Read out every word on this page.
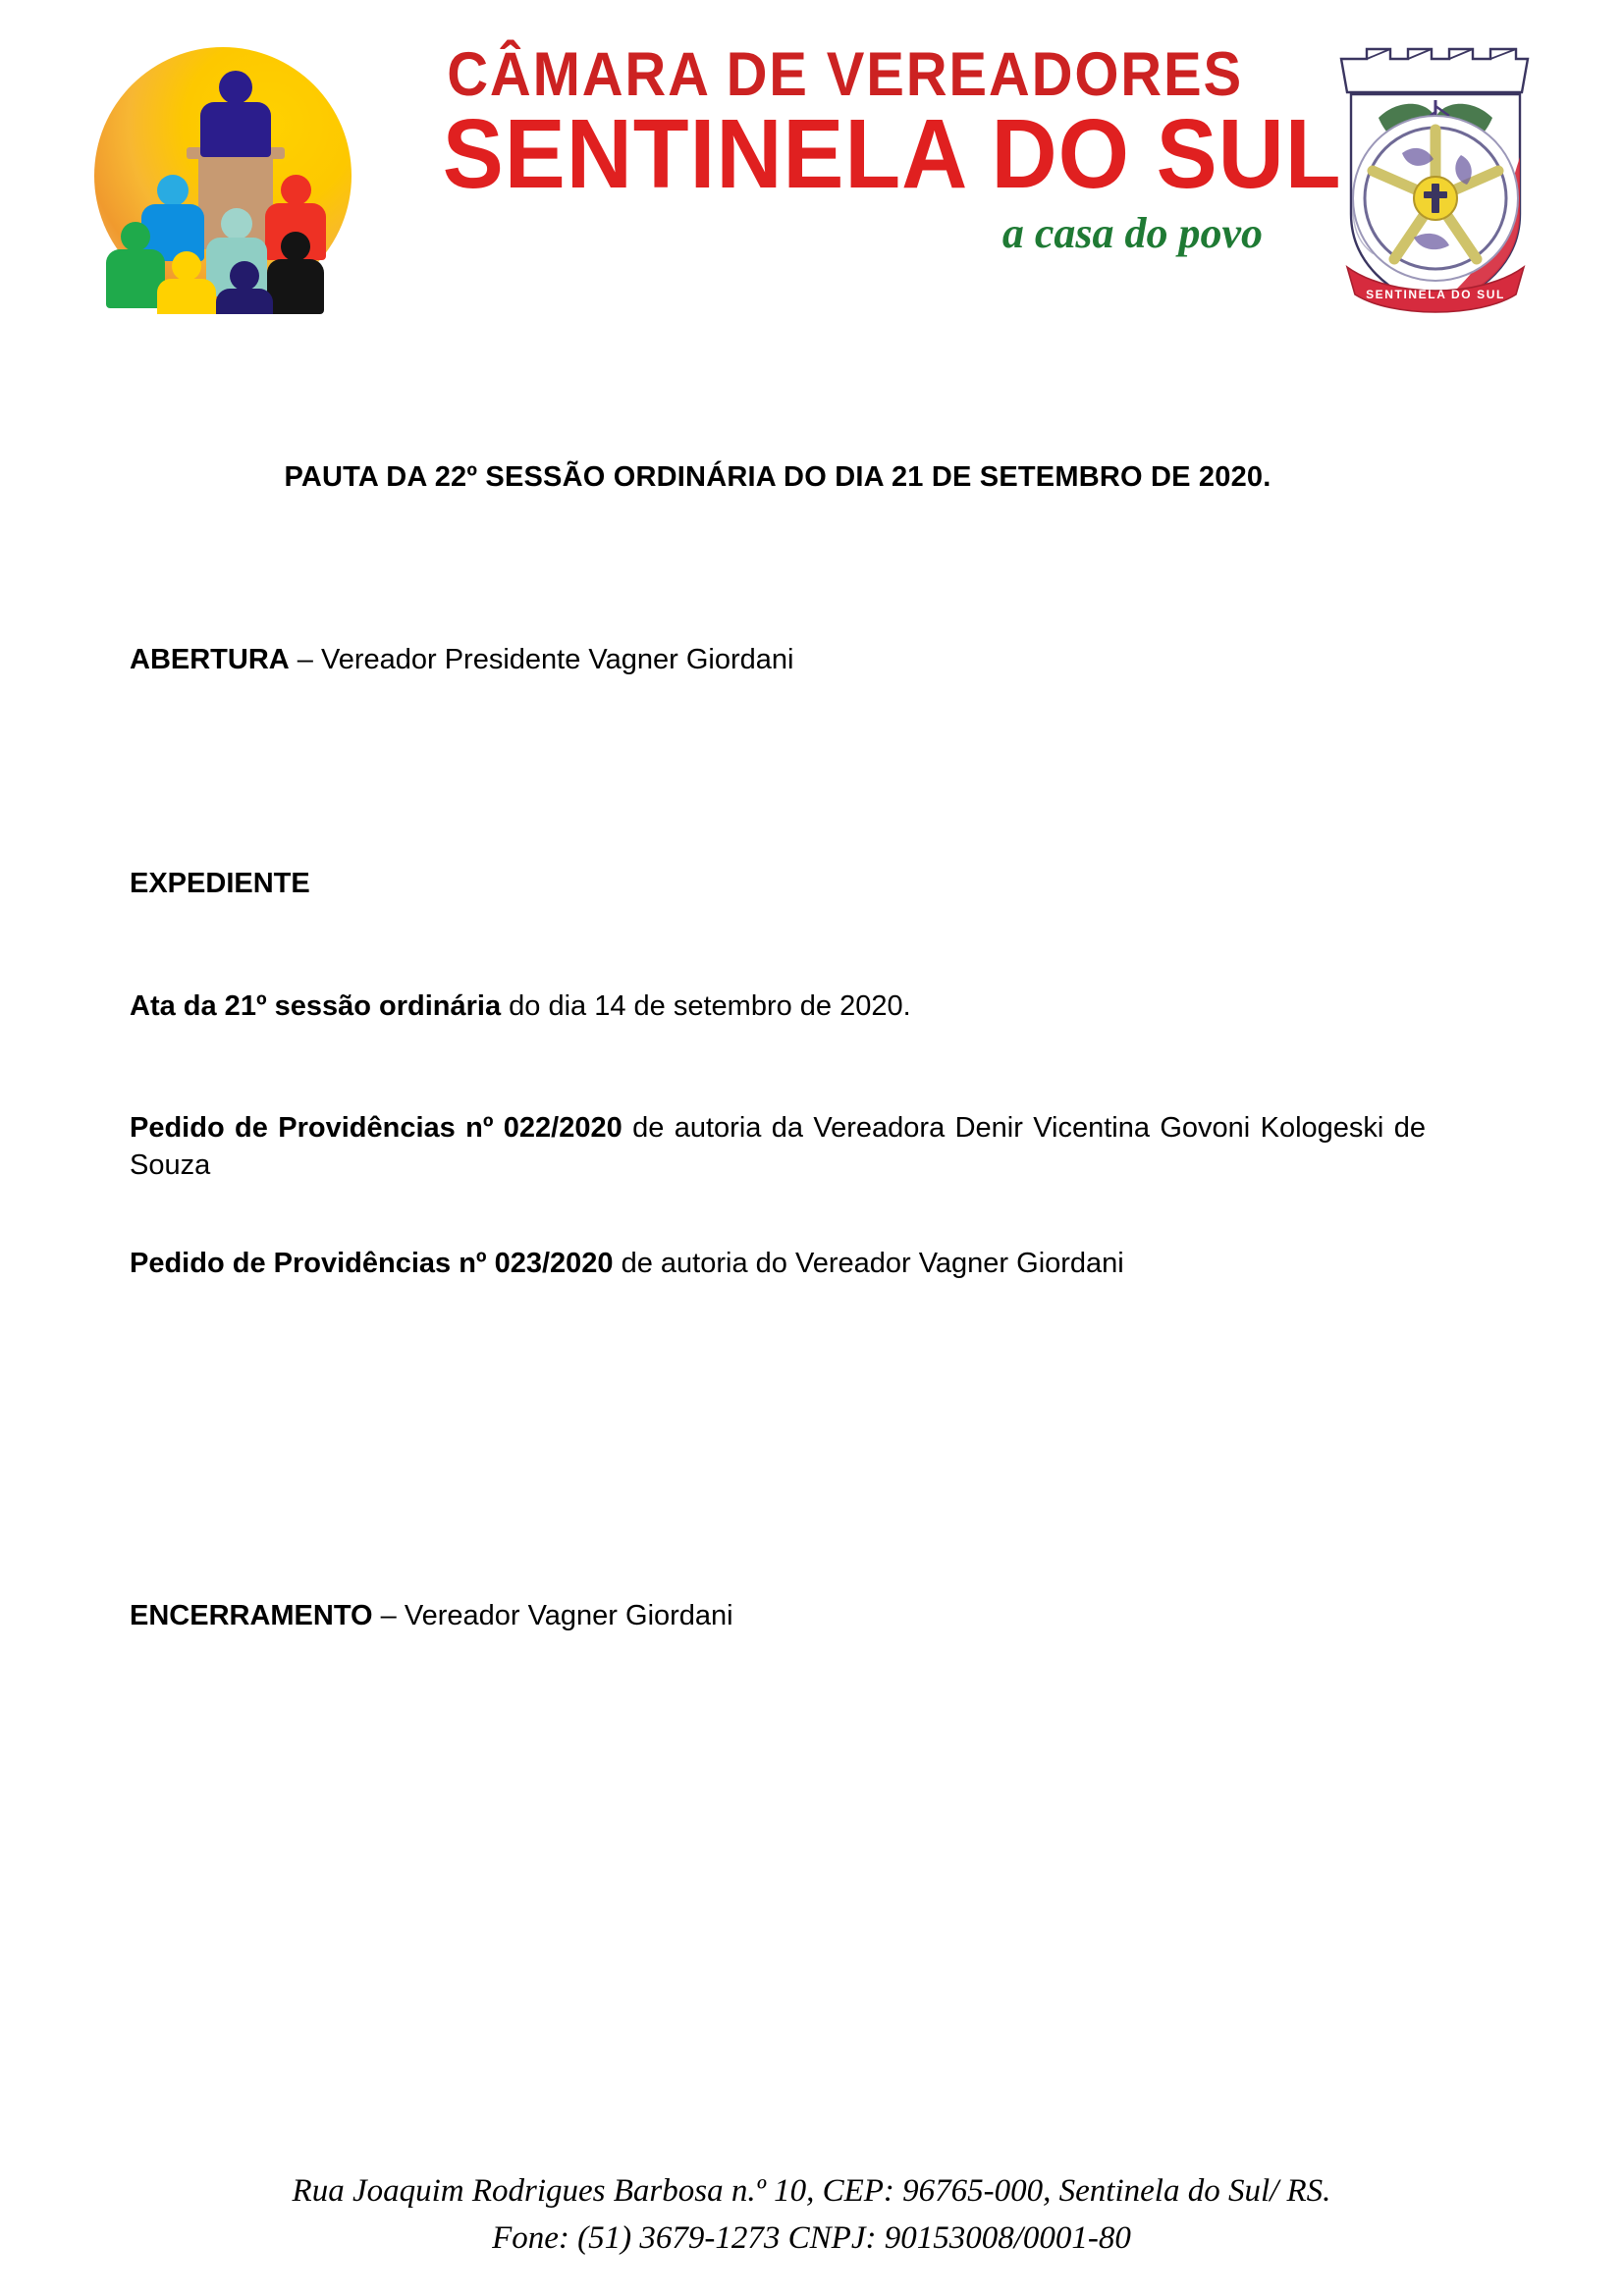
CÂMARA DE VEREADORES
SENTINELA DO SUL
a casa do povo
SENTINELA DO SUL

PAUTA DA 22º SESSÃO ORDINÁRIA DO DIA 21 DE SETEMBRO DE 2020.

ABERTURA – Vereador Presidente Vagner Giordani

EXPEDIENTE

Ata da 21º sessão ordinária do dia 14 de setembro de 2020.

Pedido de Providências nº 022/2020 de autoria da Vereadora Denir Vicentina Govoni Kologeski de Souza

Pedido de Providências nº 023/2020 de autoria do Vereador Vagner Giordani

ENCERRAMENTO – Vereador Vagner Giordani

Rua Joaquim Rodrigues Barbosa n.º 10, CEP: 96765-000, Sentinela do Sul/ RS.
Fone: (51) 3679-1273 CNPJ: 90153008/0001-80
